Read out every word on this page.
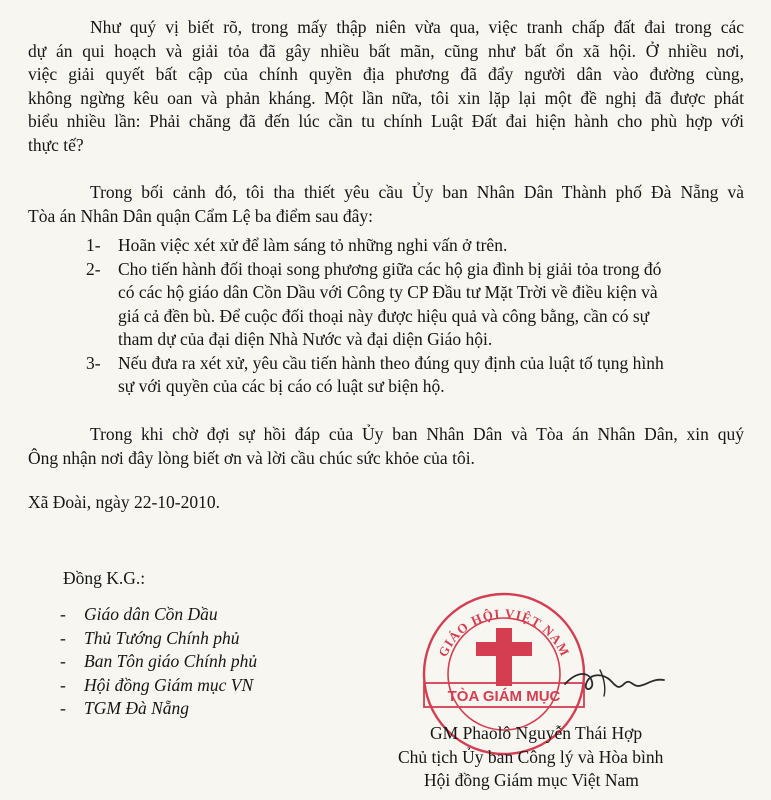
Như quý vị biết rõ, trong mấy thập niên vừa qua, việc tranh chấp đất đai trong các
dự án qui hoạch và giải tỏa đã gây nhiều bất mãn, cũng như bất ổn xã hội. Ở nhiều nơi,
việc giải quyết bất cập của chính quyền địa phương đã đẩy người dân vào đường cùng,
không ngừng kêu oan và phản kháng. Một lần nữa, tôi xin lặp lại một đề nghị đã được phát
biểu nhiều lần: Phải chăng đã đến lúc cần tu chính Luật Đất đai hiện hành cho phù hợp với
thực tế?
Trong bối cảnh đó, tôi tha thiết yêu cầu Ủy ban Nhân Dân Thành phố Đà Nẵng và
Tòa án Nhân Dân quận Cẩm Lệ ba điểm sau đây:
1- Hoãn việc xét xử để làm sáng tỏ những nghi vấn ở trên.
2- Cho tiến hành đối thoại song phương giữa các hộ gia đình bị giải tỏa trong đó
có các hộ giáo dân Cồn Dầu với Công ty CP Đầu tư Mặt Trời về điều kiện và
giá cả đền bù. Để cuộc đối thoại này được hiệu quả và công bằng, cần có sự
tham dự của đại diện Nhà Nước và đại diện Giáo hội.
3- Nếu đưa ra xét xử, yêu cầu tiến hành theo đúng quy định của luật tố tụng hình
sự với quyền của các bị cáo có luật sư biện hộ.
Trong khi chờ đợi sự hồi đáp của Ủy ban Nhân Dân và Tòa án Nhân Dân, xin quý
Ông nhận nơi đây lòng biết ơn và lời cầu chúc sức khỏe của tôi.
Xã Đoài, ngày 22-10-2010.
Đồng K.G.:
- Giáo dân Cồn Dầu
- Thủ Tướng Chính phủ
- Ban Tôn giáo Chính phủ
- Hội đồng Giám mục VN
- TGM Đà Nẵng
GIÁO HỘI VIỆT NAM
TÒA GIÁM MỤC
GM Phaolô Nguyễn Thái Hợp
Chủ tịch Ủy ban Công lý và Hòa bình
Hội đồng Giám mục Việt Nam
